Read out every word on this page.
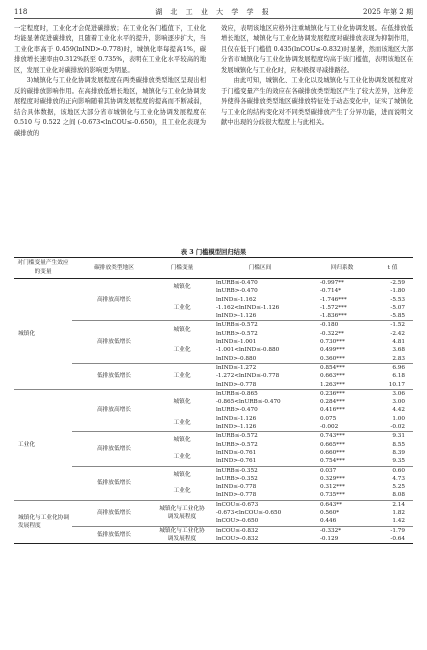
118	湖 北 工 业 大 学 学 报	2025 年第 2 期

一定程度时，工业化才会促进碳排放；在工业化各门槛值下，工业化均能显著促进碳排放，且随着工业化水平的提升，影响逐步扩大，当工业化率高于 0.459(lnIND>-0.778)时，城镇化率每提高1%，碳排放增长速率由0.312%跃至 0.735%，表明在工业化水平较高的地区，发展工业化对碳排放的影响更为明显。

3)城镇化与工业化协调发展程度在两类碳排放类型地区呈现出相反的碳排放影响作用。在高排放低增长地区，城镇化与工业化协调发展程度对碳排放的正向影响随着其协调发展程度的提高而不断减弱，结合具体数据，该地区大部分省市城镇化与工业化协调发展程度在 0.510 与 0.522 之间 (-0.673<lnCOU≤-0.650)，且工业化表现为碳排放的

效应，表明该地区应格外注重城镇化与工业化协调发展。在低排放低增长地区，城镇化与工业化协调发展程度对碳排放表现为抑制作用，且仅在低于门槛值 0.435(lnCOU≤-0.832)时显著，然而该地区大部分省市城镇化与工业化协调发展程度均高于该门槛值，表明该地区在发展城镇化与工业化时，应积极探寻减排路径。

由此可知，城镇化、工业化以及城镇化与工业化协调发展程度对于门槛变量产生的效应在各碳排放类型地区产生了较大差异，这种差异使得各碳排放类型地区碳排放特征处于动态变化中，证实了城镇化与工业化的结构变化对不同类型碳排放产生了分异功能，进而说明文献中出现的分歧很大程度上与此相关。

表 3 门槛模型回归结果
对门槛变量产生效应的变量	碳排放类型地区	门槛变量	门槛区间	回归系数	t 值
城镇化	高排放高增长	城镇化	lnURB≤-0.470	-0.997**	-2.59
			lnURB>-0.470	-0.714*	-1.80
		工业化	lnIND≤-1.162	-1.746***	-5.53
			-1.162<lnIND≤-1.126	-1.572***	-5.07
			lnIND>-1.126	-1.836***	-5.85
	高排放低增长	城镇化	lnURB≤-0.572	-0.180	-1.52
			lnURB>-0.572	-0.322**	-2.42
		工业化	lnIND≤-1.001	0.730***	4.81
			-1.001<lnIND≤-0.880	0.499***	3.68
			lnIND>-0.880	0.360***	2.83
	低排放低增长	工业化	lnIND≤-1.272	0.854***	6.96
			-1.272<lnIND≤-0.778	0.663***	6.18
			lnIND>-0.778	1.263***	10.17
工业化	高排放高增长	城镇化	lnURB≤-0.865	0.236***	3.06
			-0.865<lnURB≤-0.470	0.284***	3.00
			lnURB>-0.470	0.416***	4.42
		工业化	lnIND≤-1.126	0.075	1.00
			lnIND>-1.126	-0.002	-0.02
	高排放低增长	城镇化	lnURB≤-0.572	0.743***	9.31
			lnURB>-0.572	0.665***	8.55
		工业化	lnIND≤-0.761	0.660***	8.39
			lnIND>-0.761	0.754***	9.35
	低排放低增长	城镇化	lnURB≤-0.352	0.037	0.60
			lnURB>-0.352	0.329***	4.73
		工业化	lnIND≤-0.778	0.312***	5.25
			lnIND>-0.778	0.735***	8.08
城镇化与工业化协调发展程度	高排放低增长	城镇化与工业化协调发展程度	lnCOU≤-0.673	0.643**	2.14
			-0.673<lnCOU≤-0.650	0.560*	1.82
			lnCOU>-0.650	0.446	1.42
	低排放低增长	城镇化与工业化协调发展程度	lnCOU≤-0.832	-0.332*	-1.79
			lnCOU>-0.832	-0.129	-0.64
